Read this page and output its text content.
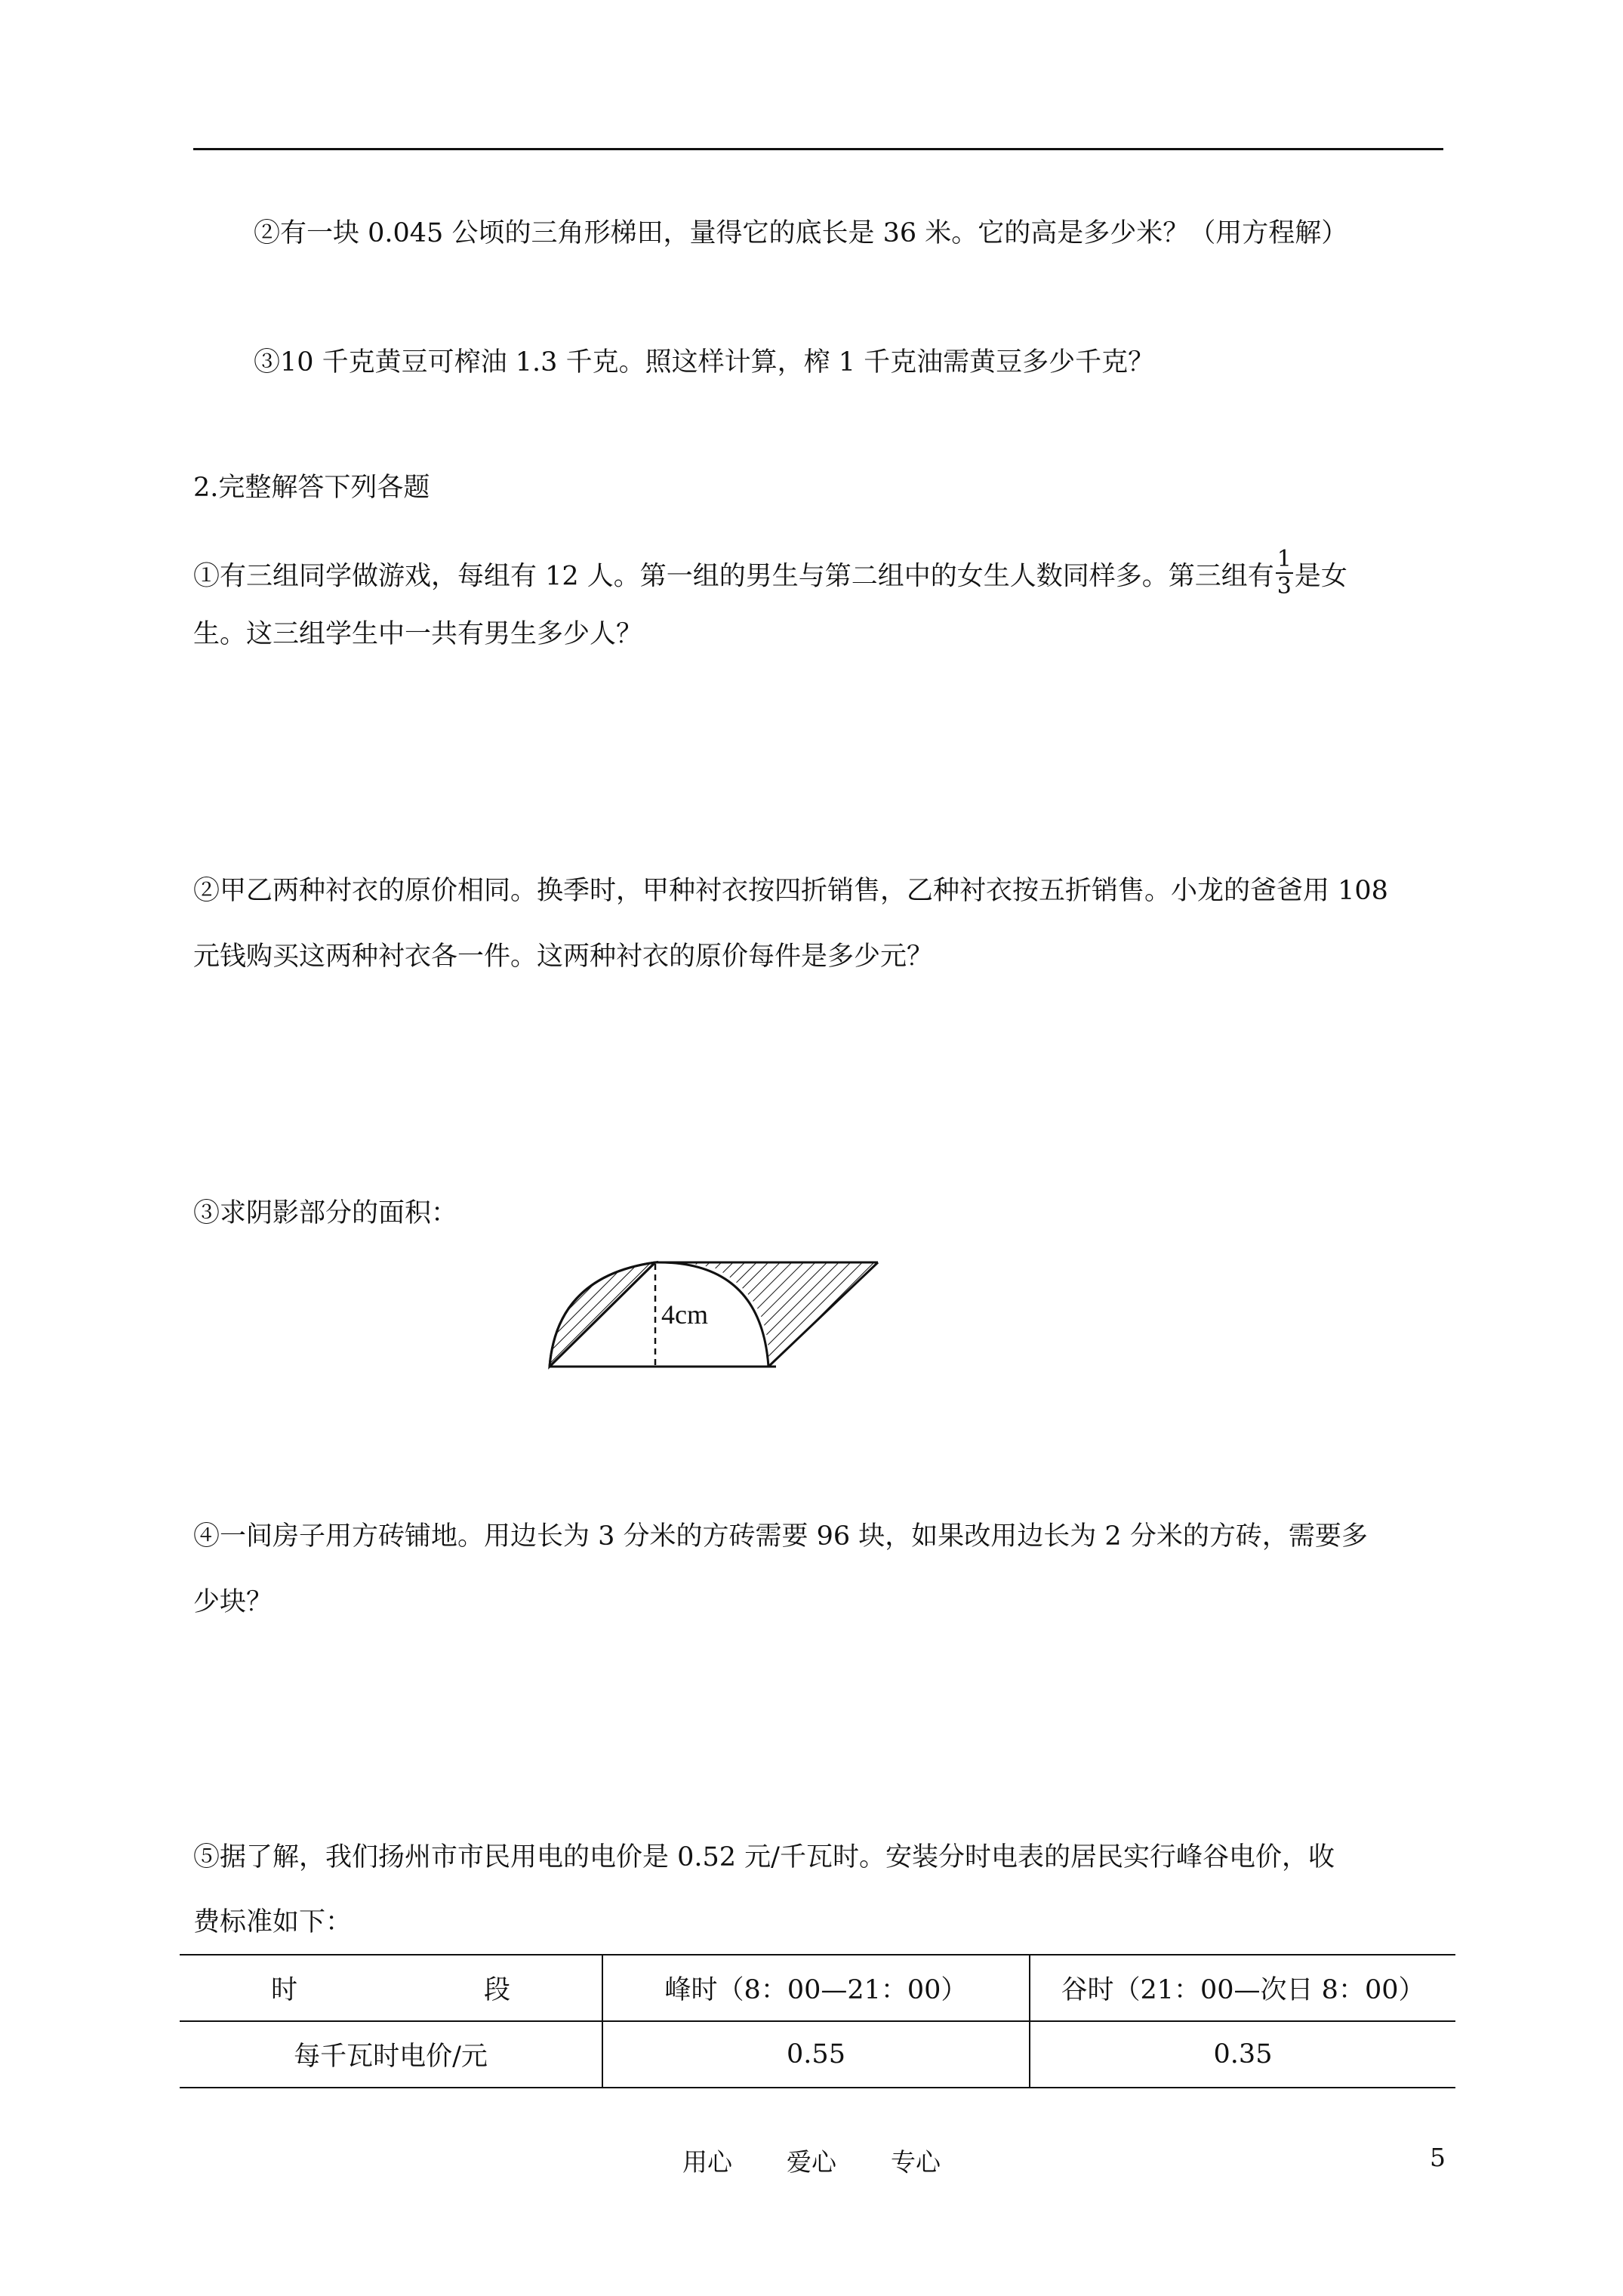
②有一块 0.045 公顷的三角形梯田，量得它的底长是 36 米。它的高是多少米？（用方程解）
③10 千克黄豆可榨油 1.3 千克。照这样计算，榨 1 千克油需黄豆多少千克？
2.完整解答下列各题
①有三组同学做游戏，每组有 12 人。第一组的男生与第二组中的女生人数同样多。第三组有 $\frac{1}{3}$ 是女
生。这三组学生中一共有男生多少人？
②甲乙两种衬衣的原价相同。换季时，甲种衬衣按四折销售，乙种衬衣按五折销售。小龙的爸爸用 108
元钱购买这两种衬衣各一件。这两种衬衣的原价每件是多少元？
③求阴影部分的面积：
4cm
④一间房子用方砖铺地。用边长为 3 分米的方砖需要 96 块，如果改用边长为 2 分米的方砖，需要多
少块？
⑤据了解，我们扬州市市民用电的电价是 0.52 元/千瓦时。安装分时电表的居民实行峰谷电价，收
费标准如下：
时 段	峰时（8：00—21：00）	谷时（21：00—次日 8：00）
每千瓦时电价/元	0.55	0.35
用心 爱心 专心	5
